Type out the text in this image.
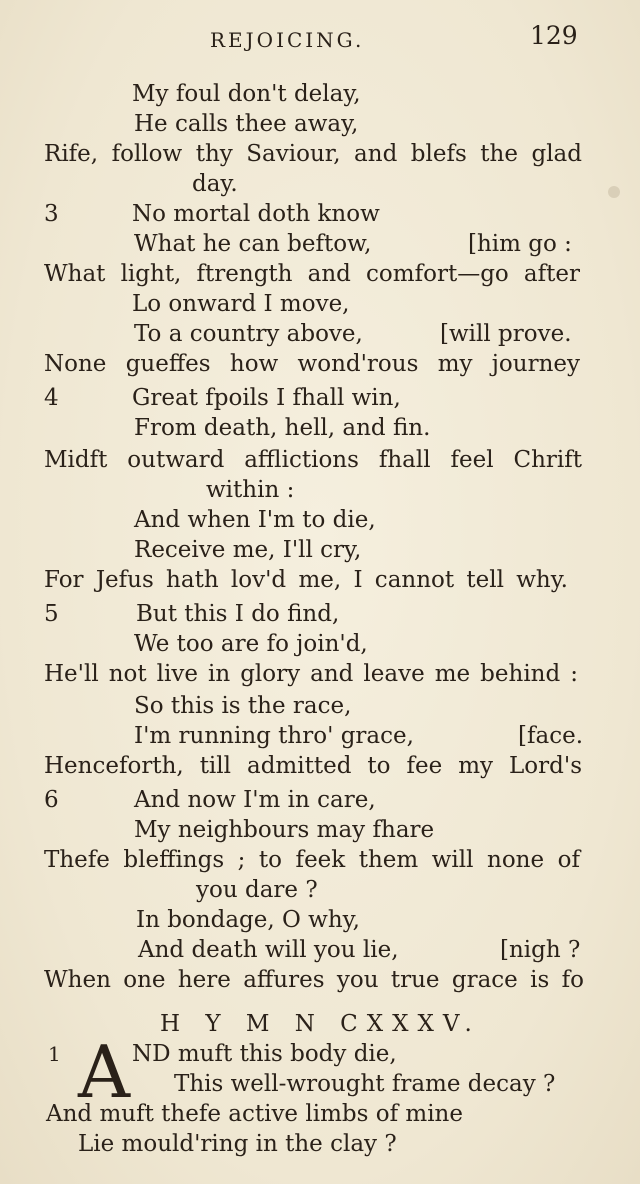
REJOICING.	129
My foul don't delay,
He calls thee away,
Rife, follow thy Saviour, and blefs the glad
day.
3	No mortal doth know
What he can beftow,	[him go :
What light, ftrength and comfort—go after
Lo onward I move,
To a country above,	[will prove.
None gueffes how wond'rous my journey
4	Great fpoils I fhall win,
From death, hell, and fin.
Midft outward afflictions fhall feel Chrift
within :
And when I'm to die,
Receive me, I'll cry,
For Jefus hath lov'd me, I cannot tell why.
5	But this I do find,
We too are fo join'd,
He'll not live in glory and leave me behind :
So this is the race,
I'm running thro' grace,	[face.
Henceforth, till admitted to fee my Lord's
6	And now I'm in care,
My neighbours may fhare
Thefe bleffings ; to feek them will none of
you dare ?
In bondage, O why,
And death will you lie,	[nigh ?
When one here affures you true grace is fo
H Y M N CXXXV.
1 A ND muft this body die,
This well-wrought frame decay ?
And muft thefe active limbs of mine
Lie mould'ring in the clay ?
